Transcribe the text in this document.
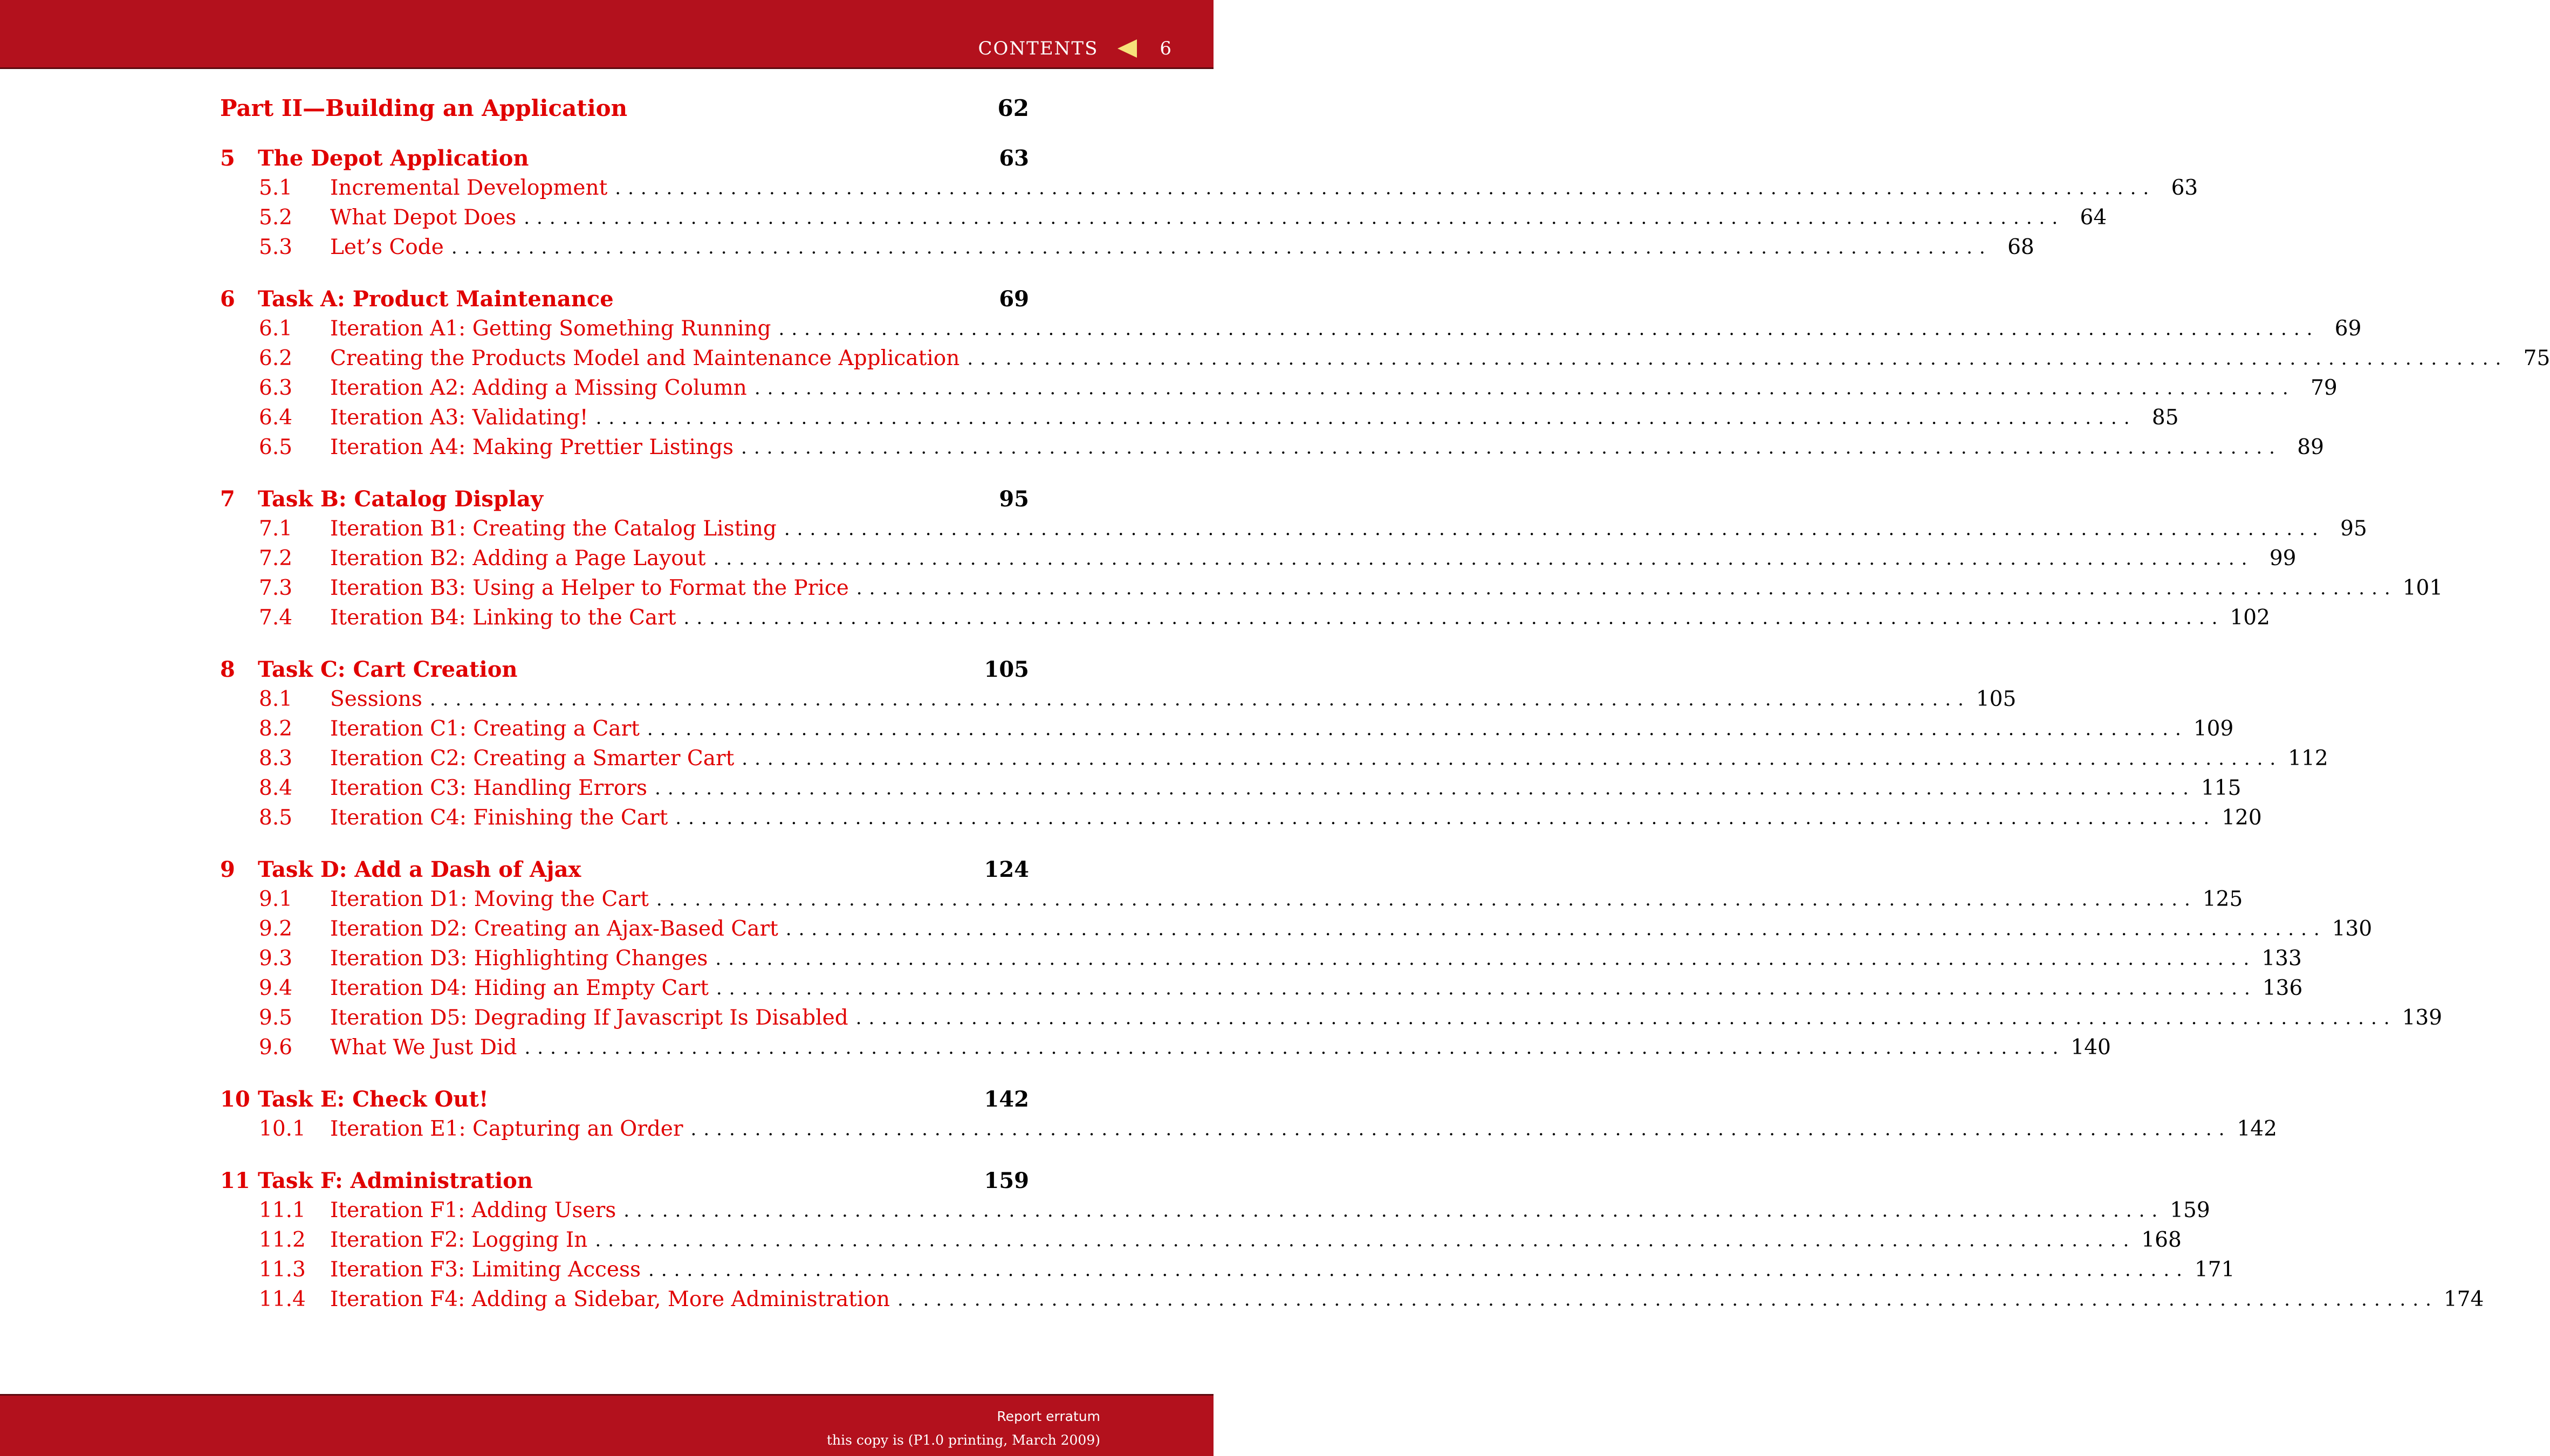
CONTENTS	6
Part II—Building an Application	62
5	The Depot Application	63
5.1	Incremental Development ........................................................................................................................ 63
5.2	What Depot Does ........................................................................................................................ 64
5.3	Let’s Code ........................................................................................................................ 68
6	Task A: Product Maintenance	69
6.1	Iteration A1: Getting Something Running ........................................................................................................................ 69
6.2	Creating the Products Model and Maintenance Application ........................................................................................................................ 75
6.3	Iteration A2: Adding a Missing Column ........................................................................................................................ 79
6.4	Iteration A3: Validating! ........................................................................................................................ 85
6.5	Iteration A4: Making Prettier Listings ........................................................................................................................ 89
7	Task B: Catalog Display	95
7.1	Iteration B1: Creating the Catalog Listing ........................................................................................................................ 95
7.2	Iteration B2: Adding a Page Layout ........................................................................................................................ 99
7.3	Iteration B3: Using a Helper to Format the Price ........................................................................................................................ 101
7.4	Iteration B4: Linking to the Cart ........................................................................................................................ 102
8	Task C: Cart Creation	105
8.1	Sessions ........................................................................................................................ 105
8.2	Iteration C1: Creating a Cart ........................................................................................................................ 109
8.3	Iteration C2: Creating a Smarter Cart ........................................................................................................................ 112
8.4	Iteration C3: Handling Errors ........................................................................................................................ 115
8.5	Iteration C4: Finishing the Cart ........................................................................................................................ 120
9	Task D: Add a Dash of Ajax	124
9.1	Iteration D1: Moving the Cart ........................................................................................................................ 125
9.2	Iteration D2: Creating an Ajax-Based Cart ........................................................................................................................ 130
9.3	Iteration D3: Highlighting Changes ........................................................................................................................ 133
9.4	Iteration D4: Hiding an Empty Cart ........................................................................................................................ 136
9.5	Iteration D5: Degrading If Javascript Is Disabled ........................................................................................................................ 139
9.6	What We Just Did ........................................................................................................................ 140
10 Task E: Check Out!	142
10.1	Iteration E1: Capturing an Order ........................................................................................................................ 142
11 Task F: Administration	159
11.1	Iteration F1: Adding Users ........................................................................................................................ 159
11.2	Iteration F2: Logging In ........................................................................................................................ 168
11.3	Iteration F3: Limiting Access ........................................................................................................................ 171
11.4	Iteration F4: Adding a Sidebar, More Administration ........................................................................................................................ 174
Report erratum
this copy is (P1.0 printing, March 2009)
